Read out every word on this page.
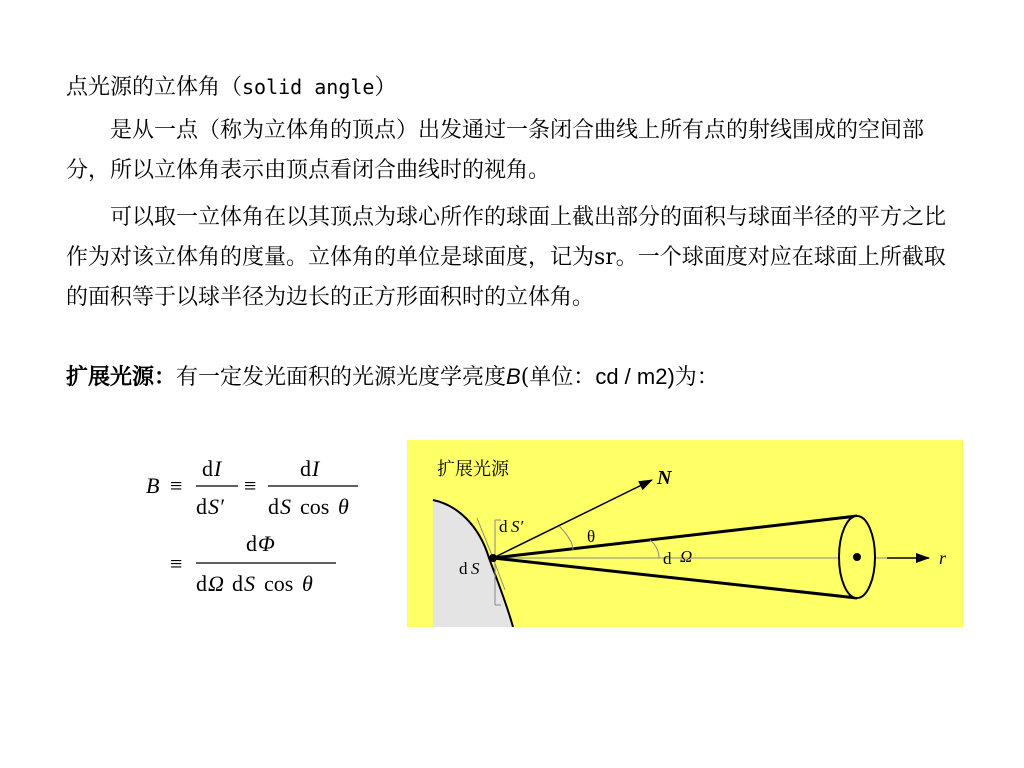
点光源的立体角（solid angle）
是从一点（称为立体角的顶点）出发通过一条闭合曲线上所有点的射线围成的空间部分，所以立体角表示由顶点看闭合曲线时的视角。
可以取一立体角在以其顶点为球心所作的球面上截出部分的面积与球面半径的平方之比作为对该立体角的度量。立体角的单位是球面度，记为sr。一个球面度对应在球面上所截取的面积等于以球半径为边长的正方形面积时的立体角。
扩展光源：有一定发光面积的光源光度学亮度B(单位：cd / m2)为：
B ≡
d I
d S′
≡
d I
d S cos θ
≡
d Φ
d Ω d S cos θ
扩展光源	N
d S′
θ
d Ω
d S
r
